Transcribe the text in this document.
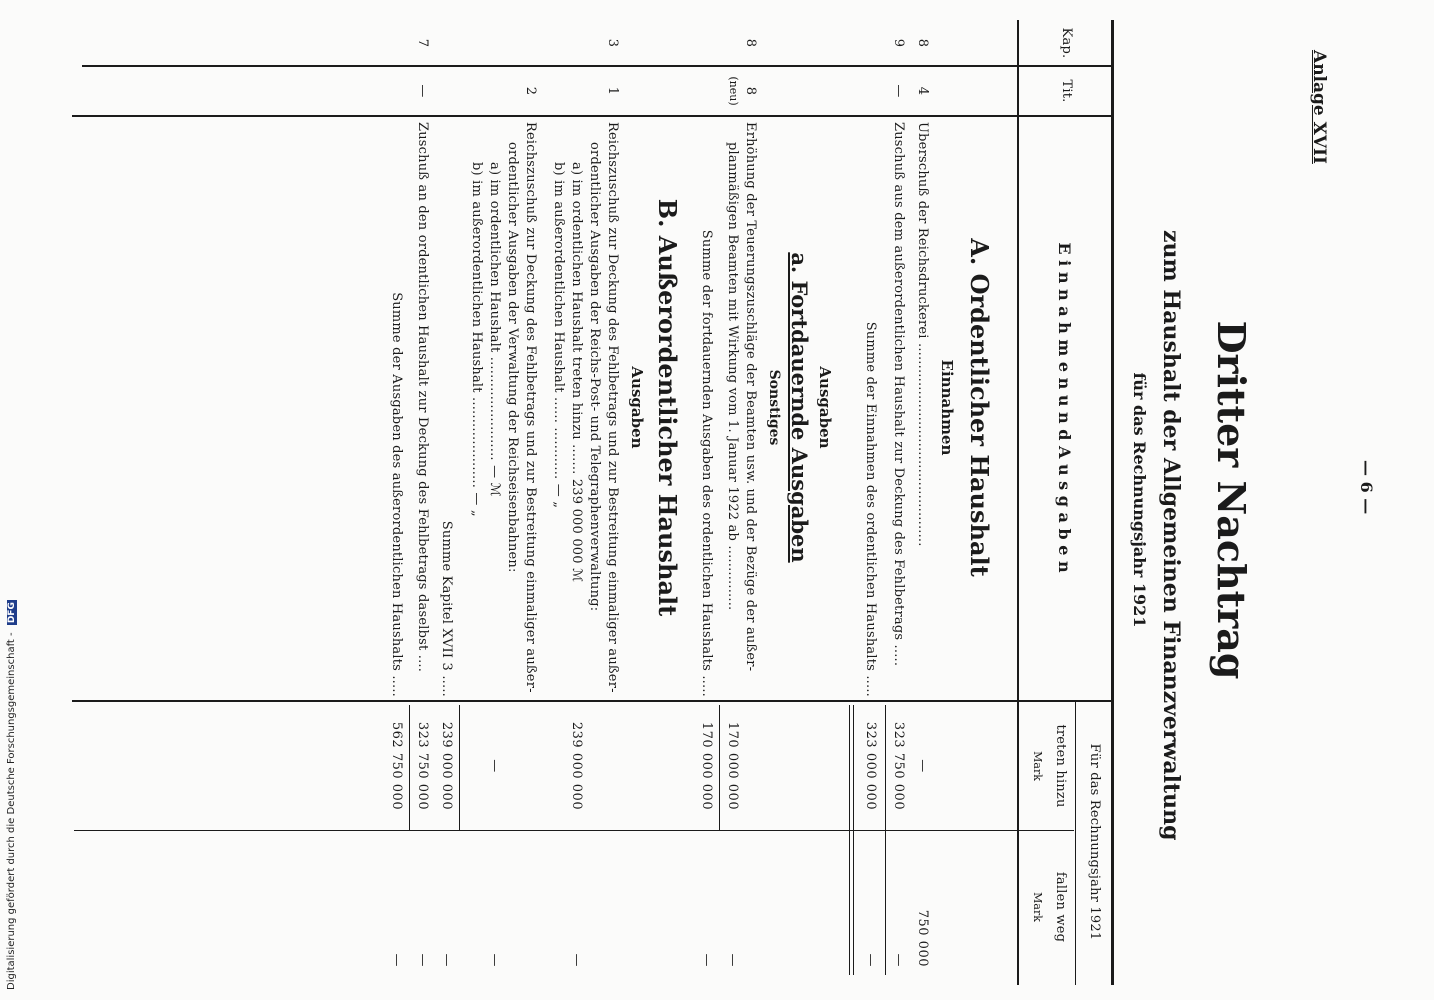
Anlage XVII
— 6 —
Dritter Nachtrag
zum Haushalt der Allgemeinen Finanzverwaltung
für das Rechnungsjahr 1921
Kap.
Tit.
E i n n a h m e n u n d A u s g a b e n
Für das Rechnungsjahr 1921
treten hinzu
Mark
fallen weg
Mark
A. Ordentlicher Haushalt
Einnahmen
8
4
Überschuß der Reichsdruckerei ...............................................
—
750 000
9
—
Zuschuß aus dem außerordentlichen Haushalt zur Deckung des Fehlbetrags .....
323 750 000
—
Summe der Einnahmen des ordentlichen Haushalts .....
323 000 000
—
Ausgaben
a. Fortdauernde Ausgaben
Sonstiges
8
8
(neu)
Erhöhung der Teuerungszuschläge der Beamten usw. und der Bezüge der außer-
planmäßigen Beamten mit Wirkung vom 1. Januar 1922 ab ...............
170 000 000
—
Summe der fortdauernden Ausgaben des ordentlichen Haushalts .....
170 000 000
—
B. Außerordentlicher Haushalt
Ausgaben
3
1
Reichszuschuß zur Deckung des Fehlbetrags und zur Bestreitung einmaliger außer-
ordentlicher Ausgaben der Reichs-Post- und Telegraphenverwaltung:
a) im ordentlichen Haushalt treten hinzu ....... 239 000 000 ℳ
b) im außerordentlichen Haushalt ...... ............ — „
239 000 000
—
2
Reichszuschuß zur Deckung des Fehlbetrags und zur Bestreitung einmaliger außer-
ordentlicher Ausgaben der Verwaltung der Reichseisenbahnen:
a) im ordentlichen Haushalt ........................ — ℳ
b) im außerordentlichen Haushalt ..................... — „
—
—
Summe Kapitel XVII 3 .....
239 000 000
—
7
—
Zuschuß an den ordentlichen Haushalt zur Deckung des Fehlbetrags daselbst ....
323 750 000
—
Summe der Ausgaben des außerordentlichen Haushalts .....
562 750 000
—
Digitalisierung gefördert durch die Deutsche Forschungsgemeinschaft - DFG
